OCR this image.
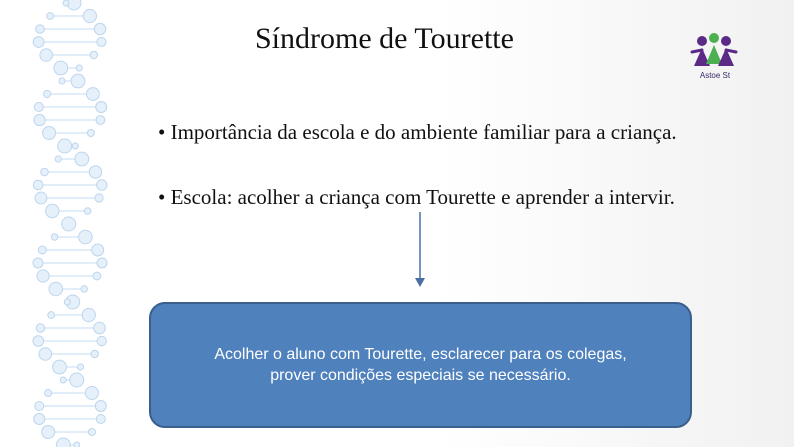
Síndrome de Tourette
Astoe St
• Importância da escola e do ambiente familiar para a criança.
• Escola: acolher a criança com Tourette e aprender a intervir.
Acolher o aluno com Tourette, esclarecer para os colegas,
prover condições especiais se necessário.
